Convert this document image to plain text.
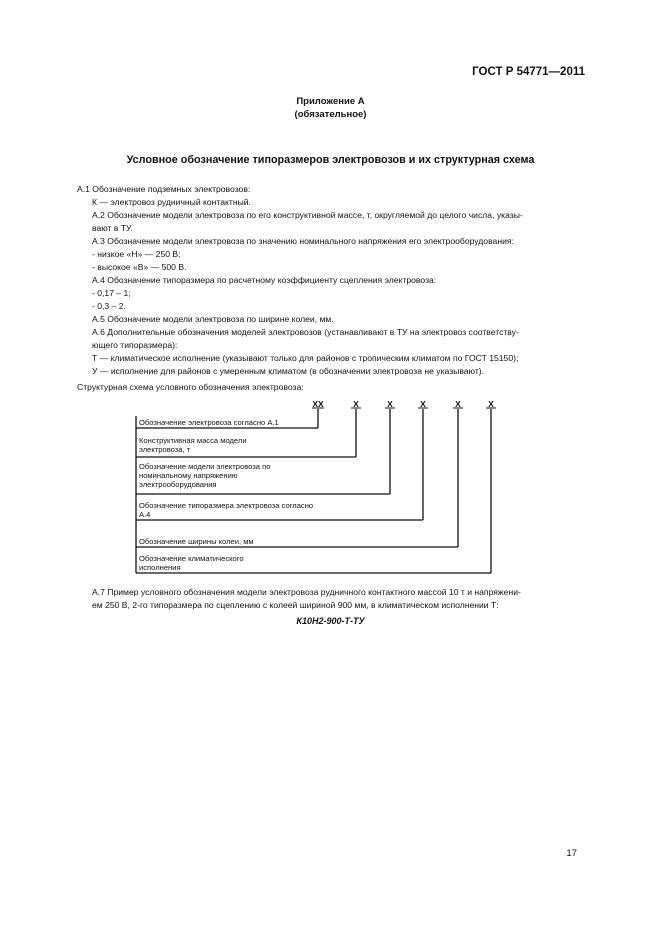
ГОСТ Р 54771—2011
Приложение А
(обязательное)
Условное обозначение типоразмеров электровозов и их структурная схема

А.1 Обозначение подземных электровозов:

К — электровоз рудничный контактный.

А.2 Обозначение модели электровоза по его конструктивной массе, т, округляемой до целого числа, указы-

вают в ТУ.

А.3 Обозначение модели электровоза по значению номинального напряжения его электрооборудования:

- низкое «Н» — 250 В;

- высокое «В» — 500 В.

А.4 Обозначение типоразмера по расчетному коэффициенту сцепления электровоза:

- 0,17 – 1;

- 0,3 – 2.

А.5 Обозначение модели электровоза по ширине колеи, мм.

А.6 Дополнительные обозначения моделей электровозов (устанавливают в ТУ на электровоз соответству-

ющего типоразмера):

Т — климатическое исполнение (указывают только для районов с тропическим климатом по ГОСТ 15150);

У — исполнение для районов с умеренным климатом (в обозначении электровоза не указывают).

Структурная схема условного обозначения электровоза:
XX	X	X	X	X	X
Обозначение электровоза согласно А.1
Конструктивная масса модели электровоза, т
Обозначение модели электровоза по номинальному напряжению электрооборудования
Обозначение типоразмера электровоза согласно А.4
Обозначение ширины колеи, мм
Обозначение климатического исполнения

А.7 Пример условного обозначения модели электровоза рудничного контактного массой 10 т и напряжени-

ем 250 В, 2-го типоразмера по сцеплению с колеей шириной 900 мм, в климатическом исполнении Т:

К10Н2-900-Т-ТУ
17
